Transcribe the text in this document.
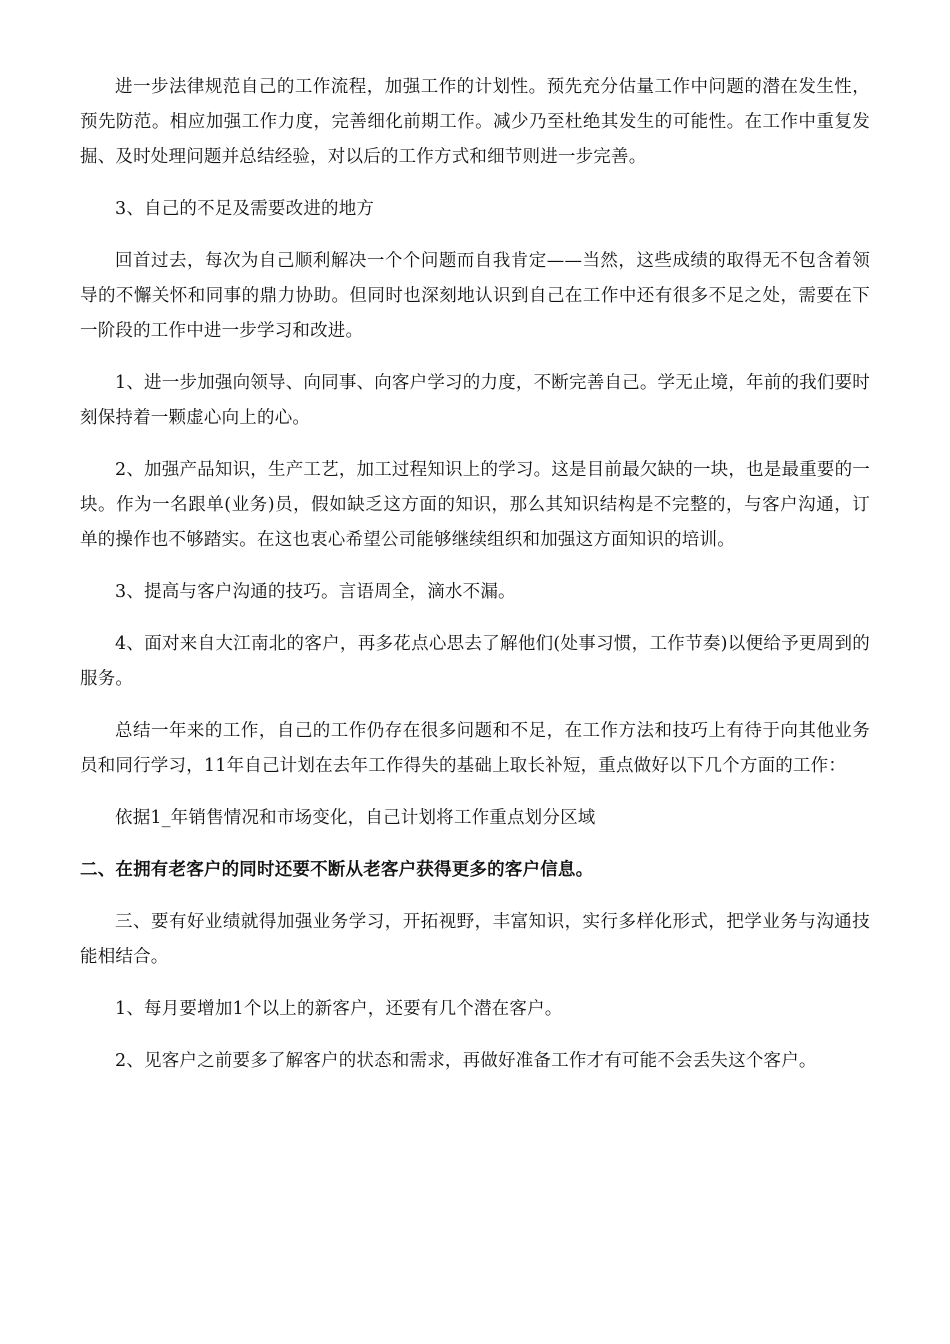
进一步法律规范自己的工作流程，加强工作的计划性。预先充分估量工作中问题的潜在发生性，预先防范。相应加强工作力度，完善细化前期工作。减少乃至杜绝其发生的可能性。在工作中重复发掘、及时处理问题并总结经验，对以后的工作方式和细节则进一步完善。

3、自己的不足及需要改进的地方

回首过去，每次为自己顺利解决一个个问题而自我肯定——当然，这些成绩的取得无不包含着领导的不懈关怀和同事的鼎力协助。但同时也深刻地认识到自己在工作中还有很多不足之处，需要在下一阶段的工作中进一步学习和改进。

1、进一步加强向领导、向同事、向客户学习的力度，不断完善自己。学无止境，年前的我们要时刻保持着一颗虚心向上的心。

2、加强产品知识，生产工艺，加工过程知识上的学习。这是目前最欠缺的一块，也是最重要的一块。作为一名跟单(业务)员，假如缺乏这方面的知识，那么其知识结构是不完整的，与客户沟通，订单的操作也不够踏实。在这也衷心希望公司能够继续组织和加强这方面知识的培训。

3、提高与客户沟通的技巧。言语周全，滴水不漏。

4、面对来自大江南北的客户，再多花点心思去了解他们(处事习惯，工作节奏)以便给予更周到的服务。

总结一年来的工作，自己的工作仍存在很多问题和不足，在工作方法和技巧上有待于向其他业务员和同行学习，11年自己计划在去年工作得失的基础上取长补短，重点做好以下几个方面的工作：

依据1_年销售情况和市场变化，自己计划将工作重点划分区域

二、在拥有老客户的同时还要不断从老客户获得更多的客户信息。

三、要有好业绩就得加强业务学习，开拓视野，丰富知识，实行多样化形式，把学业务与沟通技能相结合。

1、每月要增加1个以上的新客户，还要有几个潜在客户。

2、见客户之前要多了解客户的状态和需求，再做好准备工作才有可能不会丢失这个客户。
